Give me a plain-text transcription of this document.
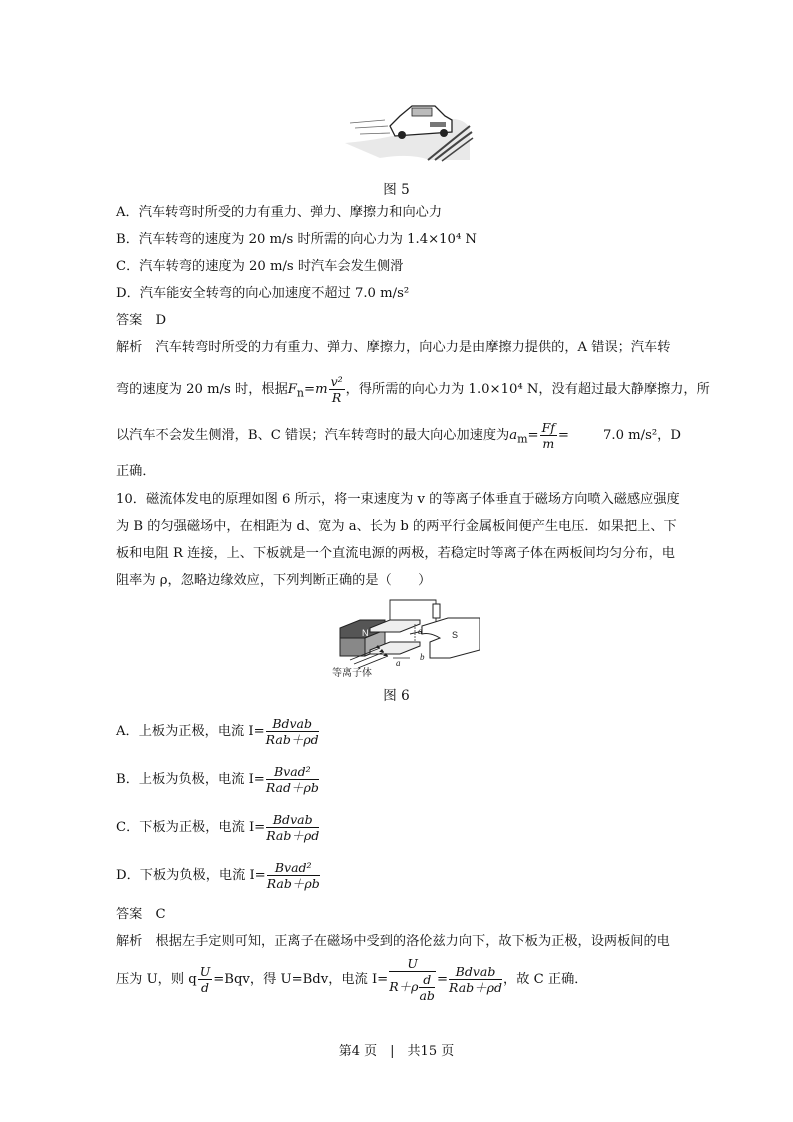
图 5
A．汽车转弯时所受的力有重力、弹力、摩擦力和向心力
B．汽车转弯的速度为 20 m/s 时所需的向心力为 1.4×10⁴ N
C．汽车转弯的速度为 20 m/s 时汽车会发生侧滑
D．汽车能安全转弯的向心加速度不超过 7.0 m/s²
答案　D
解析　汽车转弯时所受的力有重力、弹力、摩擦力，向心力是由摩擦力提供的，A 错误；汽车转
弯的速度为 20 m/s 时，根据$F_n=m \frac{\text{v²}}{R}$ ，得所需的向心力为 1.0×10⁴ N，没有超过最大静摩擦力，所
以汽车不会发生侧滑，B、C 错误；汽车转弯时的最大向心加速度为$a_m= \frac{Ff}{m}$ =	7.0 m/s²，D
正确．
10．磁流体发电的原理如图 6 所示，将一束速度为 v 的等离子体垂直于磁场方向喷入磁感应强度
为 B 的匀强磁场中，在相距为 d、宽为 a、长为 b 的两平行金属板间便产生电压．如果把上、下
板和电阻 R 连接，上、下板就是一个直流电源的两极，若稳定时等离子体在两板间均匀分布，电
阻率为 ρ，忽略边缘效应，下列判断正确的是（　　）
N	S
d
a
b
等离子体
图 6
A．上板为正极，电流 $I= \frac{\text{Bdvab}}{\text{Rab＋ρd}}$
B．上板为负极，电流 $I= \frac{\text{Bvad²}}{\text{Rad＋ρb}}$
C．下板为正极，电流 $I= \frac{\text{Bdvab}}{\text{Rab＋ρd}}$
D．下板为负极，电流 $I= \frac{\text{Bvad²}}{\text{Rab＋ρb}}$
答案　C
解析　根据左手定则可知，正离子在磁场中受到的洛伦兹力向下，故下板为正极，设两板间的电
压为 U，则 q $\frac{U}{d} =Bqv$，得 U=Bdv，电流 $I= \frac{U}{R+\rho \frac{d}{ab}} = \frac{\text{Bdvab}}{\text{Rab＋ρd}}$ ，故 C 正确．
第4 页　|　共15 页
